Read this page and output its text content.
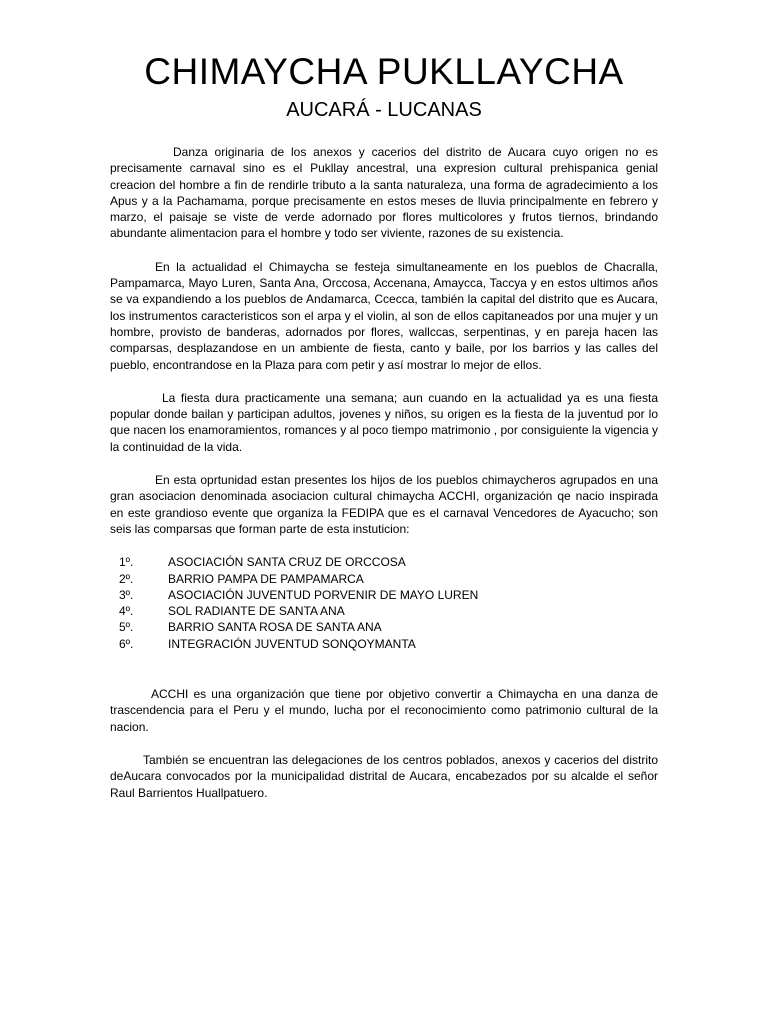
CHIMAYCHA PUKLLAYCHA
AUCARÁ - LUCANAS

Danza originaria de los anexos y cacerios del distrito de Aucara cuyo origen no es precisamente carnaval sino es el Pukllay ancestral, una expresion cultural prehispanica genial creacion del hombre a fin de rendirle tributo a la santa naturaleza, una forma de agradecimiento a los Apus y a la Pachamama, porque precisamente en estos meses de lluvia principalmente en febrero y marzo, el paisaje se viste de verde adornado por flores multicolores y frutos tiernos, brindando abundante alimentacion para el hombre y todo ser viviente, razones de su existencia.

En la actualidad el Chimaycha se festeja simultaneamente en los pueblos de Chacralla, Pampamarca, Mayo Luren, Santa Ana, Orccosa, Accenana, Amaycca, Taccya y en estos ultimos años se va expandiendo a los pueblos de Andamarca, Ccecca, también la capital del distrito que es Aucara, los instrumentos caracteristicos son el arpa y el violin, al son de ellos capitaneados por una mujer y un hombre, provisto de banderas, adornados por flores, wallccas, serpentinas, y en pareja hacen las comparsas, desplazandose en un ambiente de fiesta, canto y baile, por los barrios y las calles del pueblo, encontrandose en la Plaza para com petir y así mostrar lo mejor de ellos.

La fiesta dura practicamente una semana; aun cuando en la actualidad ya es una fiesta popular donde bailan y participan adultos, jovenes y niños, su origen es la fiesta de la juventud por lo que nacen los enamoramientos, romances y al poco tiempo matrimonio , por consiguiente la vigencia y la continuidad de la vida.

En esta oprtunidad estan presentes los hijos de los pueblos chimaycheros agrupados en una gran asociacion denominada asociacion cultural chimaycha ACCHI, organización qe nacio inspirada en este grandioso evente que organiza la FEDIPA que es el carnaval Vencedores de Ayacucho; son seis las comparsas que forman parte de esta instuticion:

1º.	ASOCIACIÓN SANTA CRUZ DE ORCCOSA
2º.	BARRIO PAMPA DE PAMPAMARCA
3º.	ASOCIACIÓN JUVENTUD PORVENIR DE MAYO LUREN
4º.	SOL RADIANTE DE SANTA ANA
5º.	BARRIO SANTA ROSA DE SANTA ANA
6º.	INTEGRACIÓN JUVENTUD SONQOYMANTA

ACCHI es una organización que tiene por objetivo convertir a Chimaycha en una danza de trascendencia para el Peru y el mundo, lucha por el reconocimiento como patrimonio cultural de la nacion.

También se encuentran las delegaciones de los centros poblados, anexos y cacerios del distrito deAucara convocados por la municipalidad distrital de Aucara, encabezados por su alcalde el señor Raul Barrientos Huallpatuero.
